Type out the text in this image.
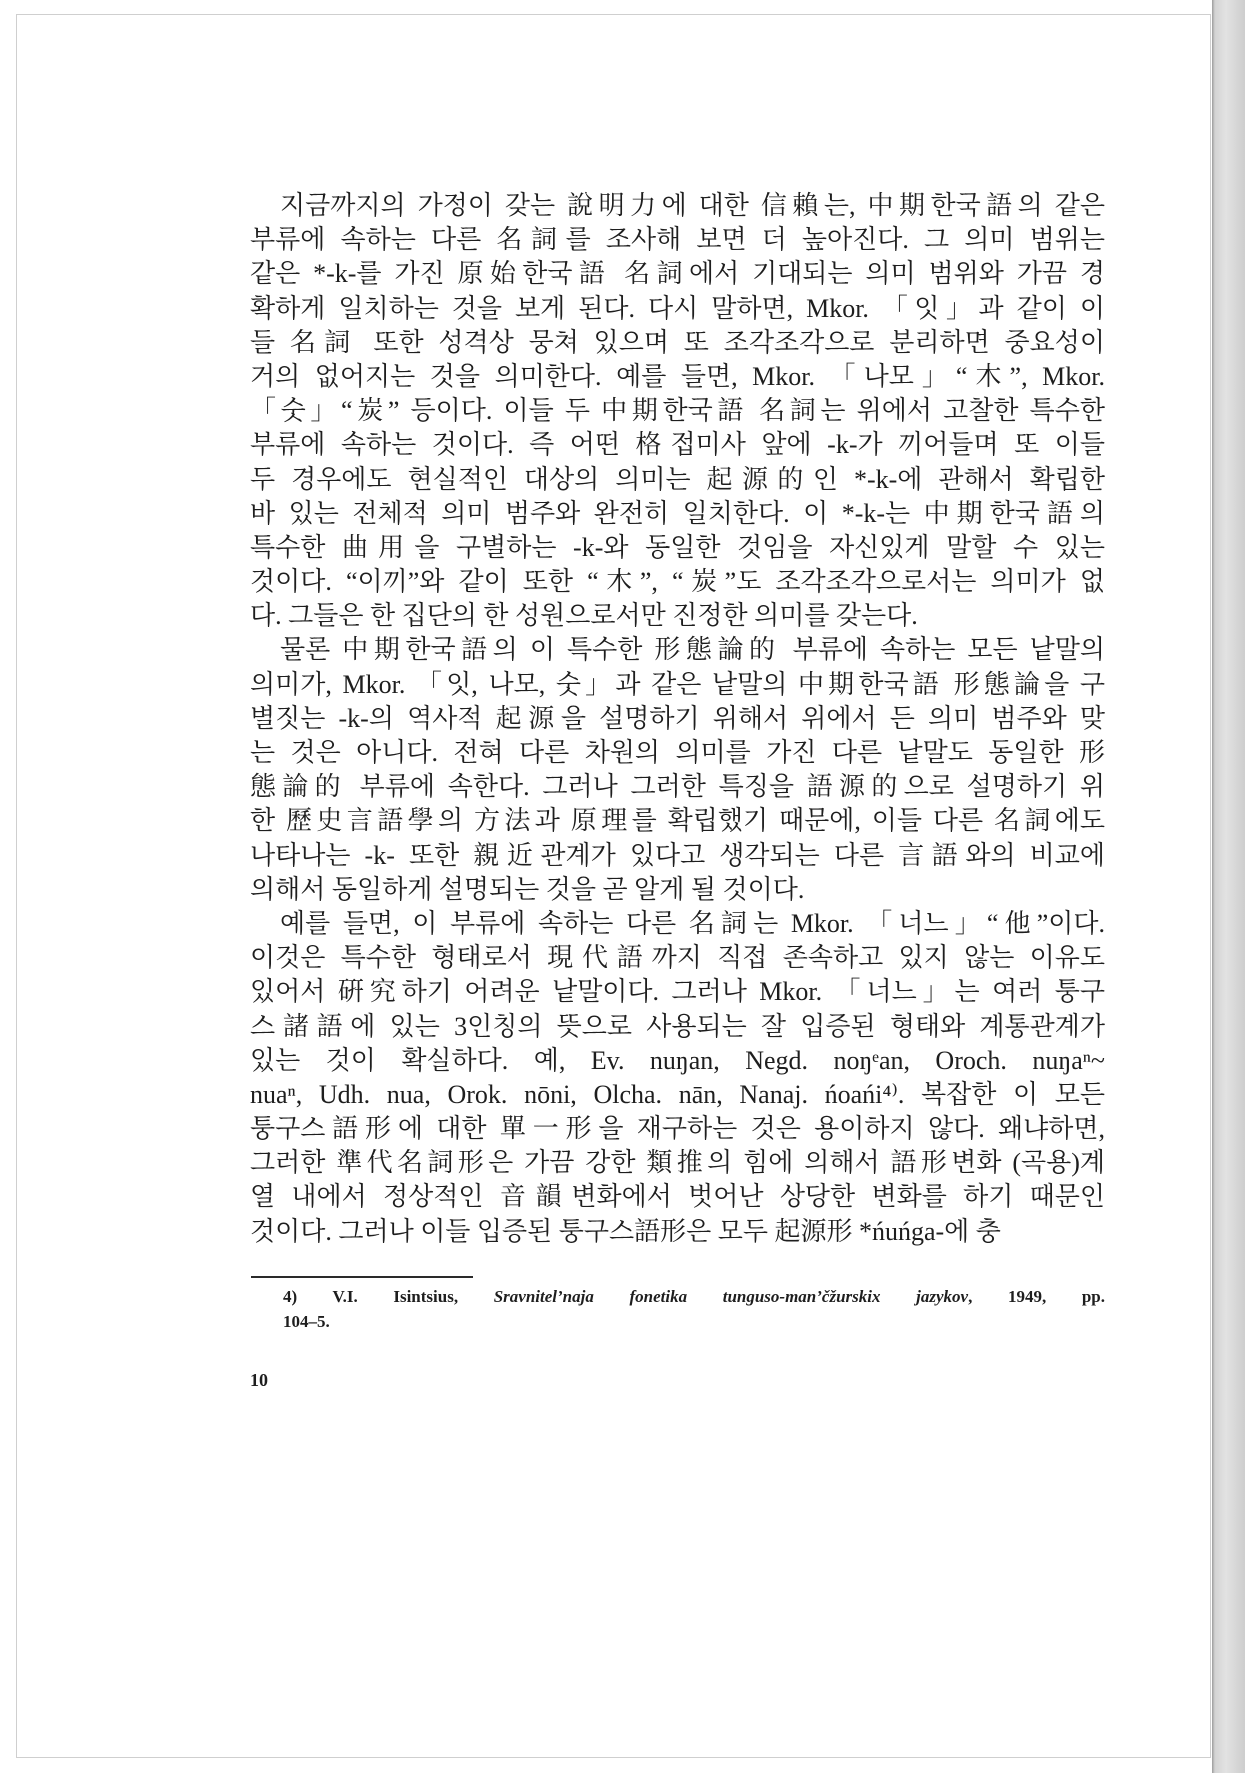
지금까지의 가정이 갖는 說明力에 대한 信賴는, 中期한국語의 같은
부류에 속하는 다른 名詞를 조사해 보면 더 높아진다. 그 의미 범위는
같은 *-k-를 가진 原始한국語 名詞에서 기대되는 의미 범위와 가끔 경
확하게 일치하는 것을 보게 된다. 다시 말하면, Mkor. 「잇」과 같이 이
들 名詞 또한 성격상 뭉쳐 있으며 또 조각조각으로 분리하면 중요성이
거의 없어지는 것을 의미한다. 예를 들면, Mkor. 「나모」“木”, Mkor.
「숫」“炭” 등이다. 이들 두 中期한국語 名詞는 위에서 고찰한 특수한
부류에 속하는 것이다. 즉 어떤 格접미사 앞에 -k-가 끼어들며 또 이들
두 경우에도 현실적인 대상의 의미는 起源的인 *-k-에 관해서 확립한
바 있는 전체적 의미 범주와 완전히 일치한다. 이 *-k-는 中期한국語의
특수한 曲用을 구별하는 -k-와 동일한 것임을 자신있게 말할 수 있는
것이다. “이끼”와 같이 또한 “木”, “炭”도 조각조각으로서는 의미가 없
다. 그들은 한 집단의 한 성원으로서만 진정한 의미를 갖는다.
물론 中期한국語의 이 특수한 形態論的 부류에 속하는 모든 낱말의
의미가, Mkor. 「잇, 나모, 숫」과 같은 낱말의 中期한국語 形態論을 구
별짓는 -k-의 역사적 起源을 설명하기 위해서 위에서 든 의미 범주와 맞
는 것은 아니다. 전혀 다른 차원의 의미를 가진 다른 낱말도 동일한 形
態論的 부류에 속한다. 그러나 그러한 특징을 語源的으로 설명하기 위
한 歷史言語學의 方法과 原理를 확립했기 때문에, 이들 다른 名詞에도
나타나는 -k- 또한 親近관계가 있다고 생각되는 다른 言語와의 비교에
의해서 동일하게 설명되는 것을 곧 알게 될 것이다.
예를 들면, 이 부류에 속하는 다른 名詞는 Mkor. 「너느」“他”이다.
이것은 특수한 형태로서 現代語까지 직접 존속하고 있지 않는 이유도
있어서 硏究하기 어려운 낱말이다. 그러나 Mkor. 「너느」는 여러 퉁구
스諸語에 있는 3인칭의 뜻으로 사용되는 잘 입증된 형태와 계통관계가
있는 것이 확실하다. 예, Ev. nuŋan, Negd. noŋᵉan, Oroch. nuŋaⁿ~
nuaⁿ, Udh. nua, Orok. nōni, Olcha. nān, Nanaj. ńoańi⁴⁾. 복잡한 이 모든
퉁구스語形에 대한 單一形을 재구하는 것은 용이하지 않다. 왜냐하면,
그러한 準代名詞形은 가끔 강한 類推의 힘에 의해서 語形변화 (곡용)계
열 내에서 정상적인 音韻변화에서 벗어난 상당한 변화를 하기 때문인
것이다. 그러나 이들 입증된 퉁구스語形은 모두 起源形 *ńuńga-에 충
4) V.I. Isintsius, Sravnitel’naja fonetika tunguso-man’čžurskix jazykov, 1949, pp.
104–5.
10
